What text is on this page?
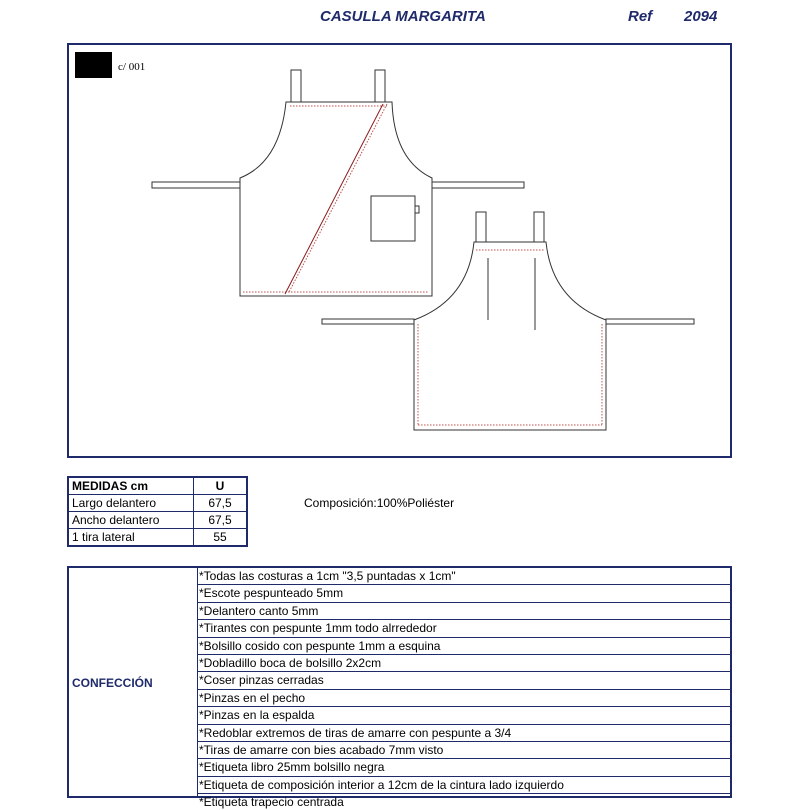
CASULLA MARGARITA	Ref 2094
c/ 001
MEDIDAS cm	U
Largo delantero	67,5
Ancho delantero	67,5
1 tira lateral	55
Composición:100%Poliéster
CONFECCIÓN
*Todas las costuras a 1cm "3,5 puntadas x 1cm"
*Escote pespunteado 5mm
*Delantero canto 5mm
*Tirantes con pespunte 1mm todo alrrededor
*Bolsillo cosido con pespunte 1mm a esquina
*Dobladillo boca de bolsillo 2x2cm
*Coser pinzas cerradas
*Pinzas en el pecho
*Pinzas en la espalda
*Redoblar extremos de tiras de amarre con pespunte a 3/4
*Tiras de amarre con bies acabado 7mm visto
*Etiqueta libro 25mm bolsillo negra
*Etiqueta de composición interior a 12cm de la cintura lado izquierdo
*Etiqueta trapecio centrada
